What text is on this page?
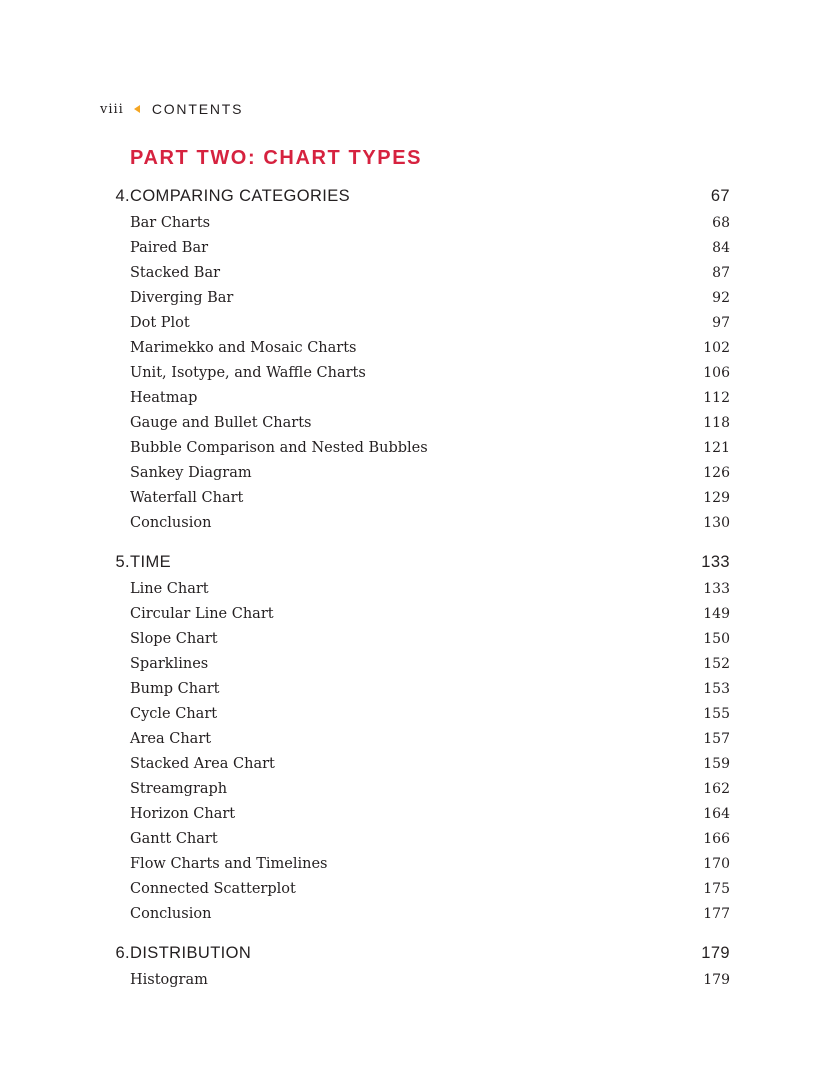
viii CONTENTS
PART TWO: CHART TYPES
4. COMPARING CATEGORIES	67
Bar Charts	68
Paired Bar	84
Stacked Bar	87
Diverging Bar	92
Dot Plot	97
Marimekko and Mosaic Charts	102
Unit, Isotype, and Waffle Charts	106
Heatmap	112
Gauge and Bullet Charts	118
Bubble Comparison and Nested Bubbles	121
Sankey Diagram	126
Waterfall Chart	129
Conclusion	130
5. TIME	133
Line Chart	133
Circular Line Chart	149
Slope Chart	150
Sparklines	152
Bump Chart	153
Cycle Chart	155
Area Chart	157
Stacked Area Chart	159
Streamgraph	162
Horizon Chart	164
Gantt Chart	166
Flow Charts and Timelines	170
Connected Scatterplot	175
Conclusion	177
6. DISTRIBUTION	179
Histogram	179
